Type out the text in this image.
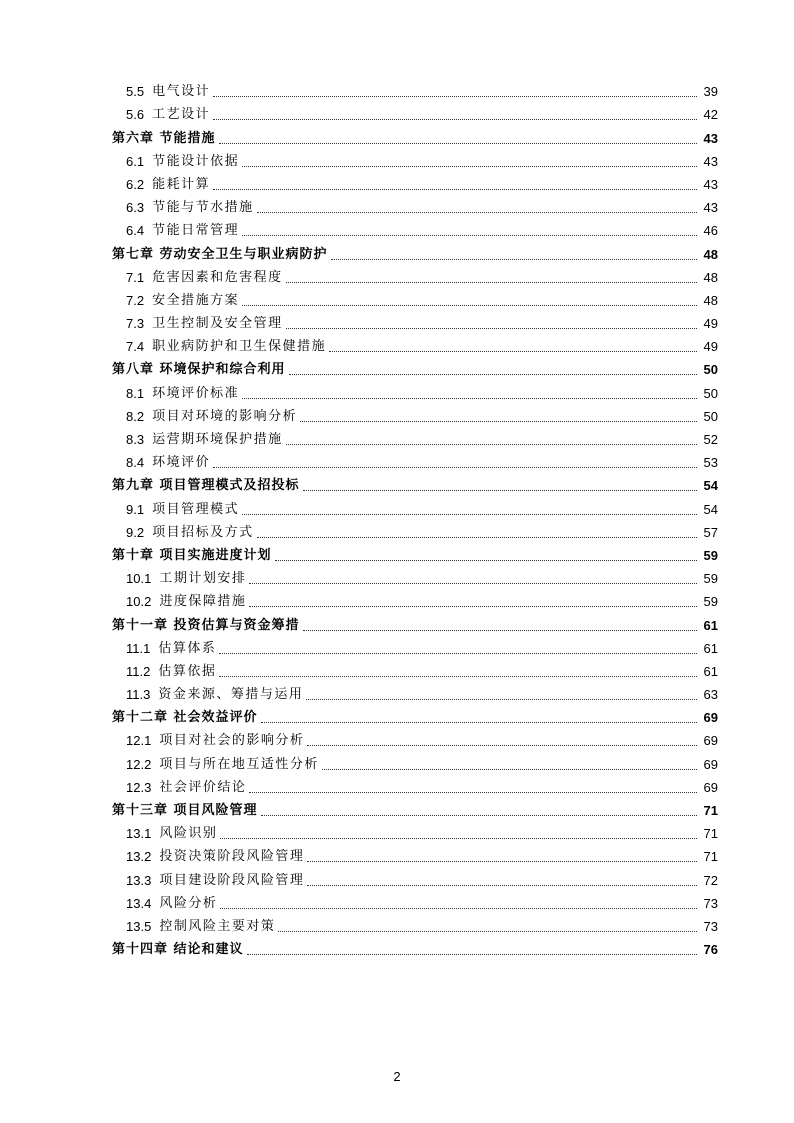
5.5 电气设计	39
5.6 工艺设计	42
第六章 节能措施	43
6.1 节能设计依据	43
6.2 能耗计算	43
6.3 节能与节水措施	43
6.4 节能日常管理	46
第七章 劳动安全卫生与职业病防护	48
7.1 危害因素和危害程度	48
7.2 安全措施方案	48
7.3 卫生控制及安全管理	49
7.4 职业病防护和卫生保健措施	49
第八章 环境保护和综合利用	50
8.1 环境评价标准	50
8.2 项目对环境的影响分析	50
8.3 运营期环境保护措施	52
8.4 环境评价	53
第九章 项目管理模式及招投标	54
9.1 项目管理模式	54
9.2 项目招标及方式	57
第十章 项目实施进度计划	59
10.1 工期计划安排	59
10.2 进度保障措施	59
第十一章 投资估算与资金筹措	61
11.1 估算体系	61
11.2 估算依据	61
11.3 资金来源、筹措与运用	63
第十二章 社会效益评价	69
12.1 项目对社会的影响分析	69
12.2 项目与所在地互适性分析	69
12.3 社会评价结论	69
第十三章 项目风险管理	71
13.1 风险识别	71
13.2 投资决策阶段风险管理	71
13.3 项目建设阶段风险管理	72
13.4 风险分析	73
13.5 控制风险主要对策	73
第十四章 结论和建议	76
2
